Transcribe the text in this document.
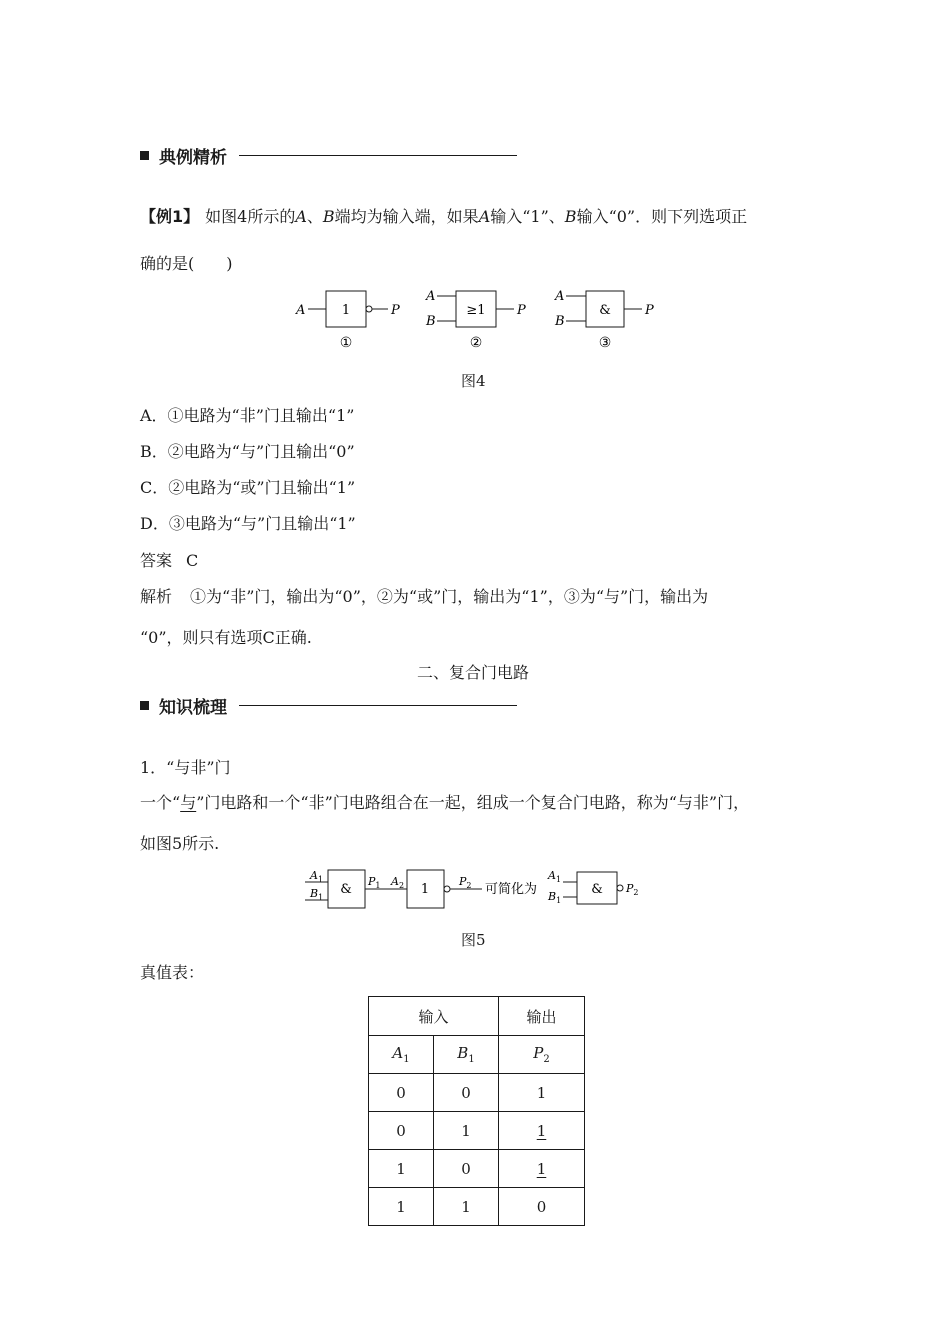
典例精析
【例1】 如图4所示的A、B端均为输入端，如果A输入“1”、B输入“0”．则下列选项正
确的是(　　)
A	1	P
①
A
B
≥1 P
②
A
B
&	P
③
图4
A．①电路为“非”门且输出“1”
B．②电路为“与”门且输出“0”
C．②电路为“或”门且输出“1”
D．③电路为“与”门且输出“1”
答案 C
解析 ①为“非”门，输出为“0”，②为“或”门，输出为“1”，③为“与”门，输出为
“0”，则只有选项C正确.
二、复合门电路
知识梳理
1．“与非”门
一个“与”门电路和一个“非”门电路组合在一起，组成一个复合门电路，称为“与非”门，
如图5所示.
$A_1$
$B_1$
&
$P_1$ $A_2$ 1
$P_2$ 可简化为
$A_1$
$B_1$
& $P_2$
图5
真值表：
输入		输出
$A_1$	$B_1$	$P_2$
0	0	1
0	1	1
1	0	1
1	1	0
